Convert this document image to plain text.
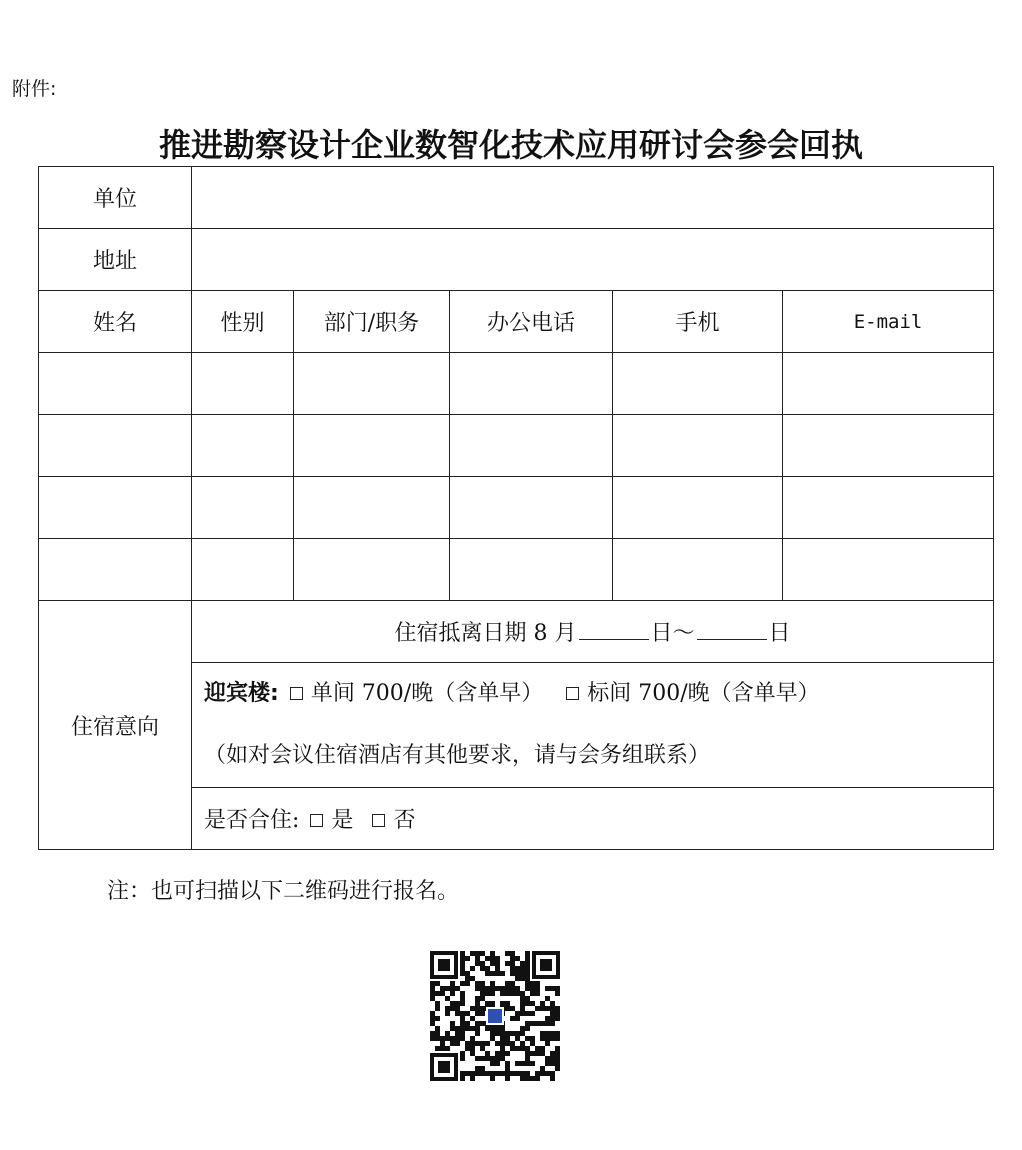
附件:
推进勘察设计企业数智化技术应用研讨会参会回执
单位					
地址					
姓名	性别	部门/职务	办公电话	手机	E-mail

住宿意向	住宿抵离日期 8 月 日～ 日				

	迎宾楼: 单间 700/晚（含单早） 标间 700/晚（含单早）
（如对会议住宿酒店有其他要求，请与会务组联系）				

	是否合住: 是 否				
注：也可扫描以下二维码进行报名。
